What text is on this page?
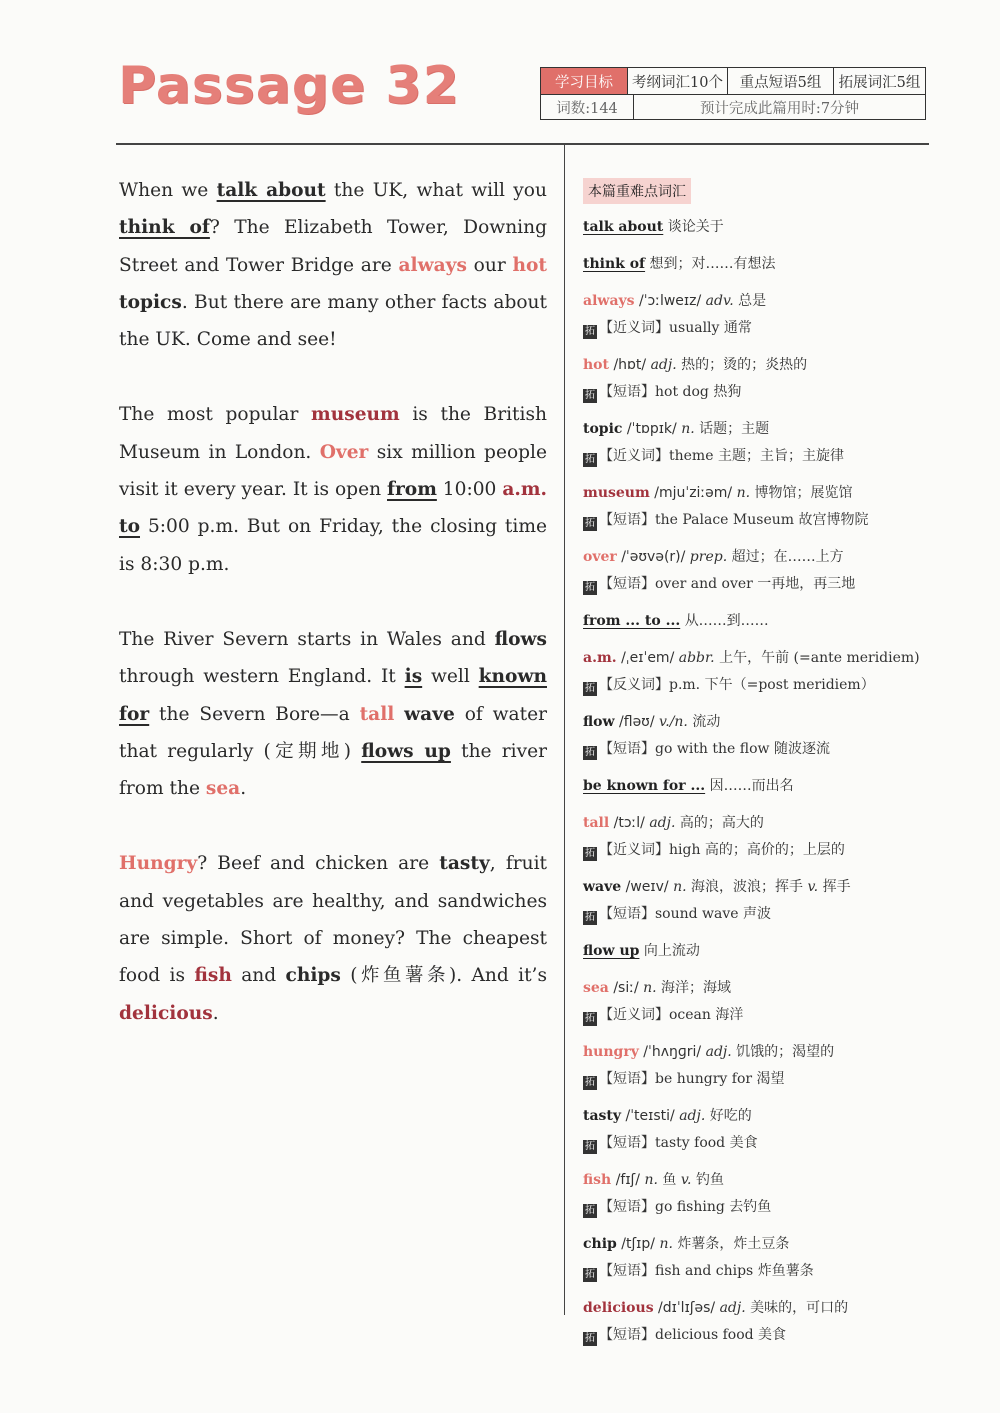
Passage 32	学习目标	考纲词汇10个	重点短语5组	拓展词汇5组
词数:144	预计完成此篇用时:7分钟

When we talk about the UK, what will you think of? The Elizabeth Tower, Downing Street and Tower Bridge are always our hot topics. But there are many other facts about the UK. Come and see!

The most popular museum is the British Museum in London. Over six million people visit it every year. It is open from 10:00 a.m. to 5:00 p.m. But on Friday, the closing time is 8:30 p.m.

The River Severn starts in Wales and flows through western England. It is well known for the Severn Bore—a tall wave of water that regularly (定期地) flows up the river from the sea.

Hungry? Beef and chicken are tasty, fruit and vegetables are healthy, and sandwiches are simple. Short of money? The cheapest food is fish and chips (炸鱼薯条). And it’s delicious.

本篇重难点词汇
talk about 谈论关于
think of 想到；对……有想法
always /ˈɔːlweɪz/ adv. 总是
拓 【近义词】usually 通常
hot /hɒt/ adj. 热的；烫的；炎热的
拓 【短语】hot dog 热狗
topic /ˈtɒpɪk/ n. 话题；主题
拓 【近义词】theme 主题；主旨；主旋律
museum /mjuˈziːəm/ n. 博物馆；展览馆
拓 【短语】the Palace Museum 故宫博物院
over /ˈəʊvə(r)/ prep. 超过；在……上方
拓 【短语】over and over 一再地，再三地
from ... to ... 从……到……
a.m. /ˌeɪˈem/ abbr. 上午，午前 (=ante meridiem)
拓 【反义词】p.m. 下午（=post meridiem）
flow /fləʊ/ v./n. 流动
拓 【短语】go with the flow 随波逐流
be known for ... 因……而出名
tall /tɔːl/ adj. 高的；高大的
拓 【近义词】high 高的；高价的；上层的
wave /weɪv/ n. 海浪，波浪；挥手 v. 挥手
拓 【短语】sound wave 声波
flow up 向上流动
sea /siː/ n. 海洋；海域
拓 【近义词】ocean 海洋
hungry /ˈhʌŋɡri/ adj. 饥饿的；渴望的
拓 【短语】be hungry for 渴望
tasty /ˈteɪsti/ adj. 好吃的
拓 【短语】tasty food 美食
fish /fɪʃ/ n. 鱼 v. 钓鱼
拓 【短语】go fishing 去钓鱼
chip /tʃɪp/ n. 炸薯条，炸土豆条
拓 【短语】fish and chips 炸鱼薯条
delicious /dɪˈlɪʃəs/ adj. 美味的，可口的
拓 【短语】delicious food 美食
